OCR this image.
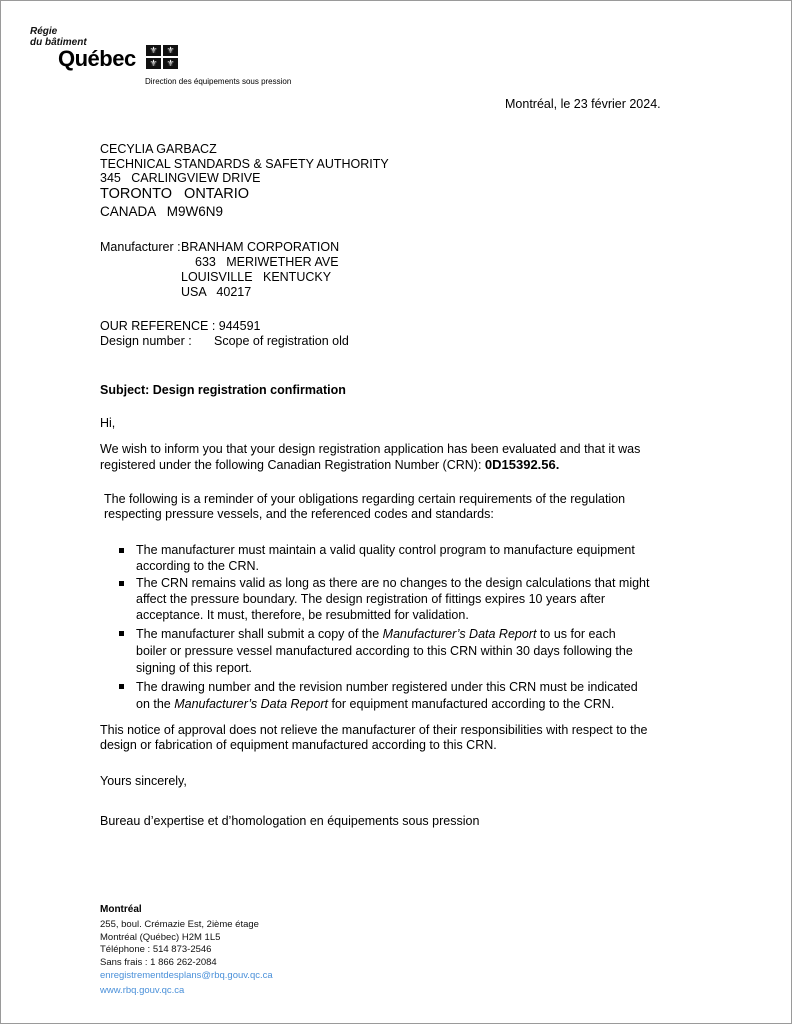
Régie
du bâtiment
Québec	⚜ ⚜
⚜ ⚜
Direction des équipements sous pression
Montréal, le 23 février 2024.
CECYLIA GARBACZ
TECHNICAL STANDARDS & SAFETY AUTHORITY
345   CARLINGVIEW DRIVE
TORONTO   ONTARIO
CANADA   M9W6N9
Manufacturer : BRANHAM CORPORATION
633   MERIWETHER AVE
LOUISVILLE   KENTUCKY
USA   40217
OUR REFERENCE : 944591
Design number : Scope of registration old
Subject: Design registration confirmation
Hi,
We wish to inform you that your design registration application has been evaluated and that it was
registered under the following Canadian Registration Number (CRN): 0D15392.56.
The following is a reminder of your obligations regarding certain requirements of the regulation
respecting pressure vessels, and the referenced codes and standards:
The manufacturer must maintain a valid quality control program to manufacture equipment
according to the CRN.
The CRN remains valid as long as there are no changes to the design calculations that might
affect the pressure boundary. The design registration of fittings expires 10 years after
acceptance. It must, therefore, be resubmitted for validation.
The manufacturer shall submit a copy of the Manufacturer’s Data Report to us for each
boiler or pressure vessel manufactured according to this CRN within 30 days following the
signing of this report.
The drawing number and the revision number registered under this CRN must be indicated
on the Manufacturer’s Data Report for equipment manufactured according to the CRN.
This notice of approval does not relieve the manufacturer of their responsibilities with respect to the
design or fabrication of equipment manufactured according to this CRN.
Yours sincerely,
Bureau d’expertise et d’homologation en équipements sous pression
Montréal
255, boul. Crémazie Est, 2ième étage
Montréal (Québec) H2M 1L5
Téléphone : 514 873-2546
Sans frais : 1 866 262-2084
enregistrementdesplans@rbq.gouv.qc.ca
www.rbq.gouv.qc.ca
